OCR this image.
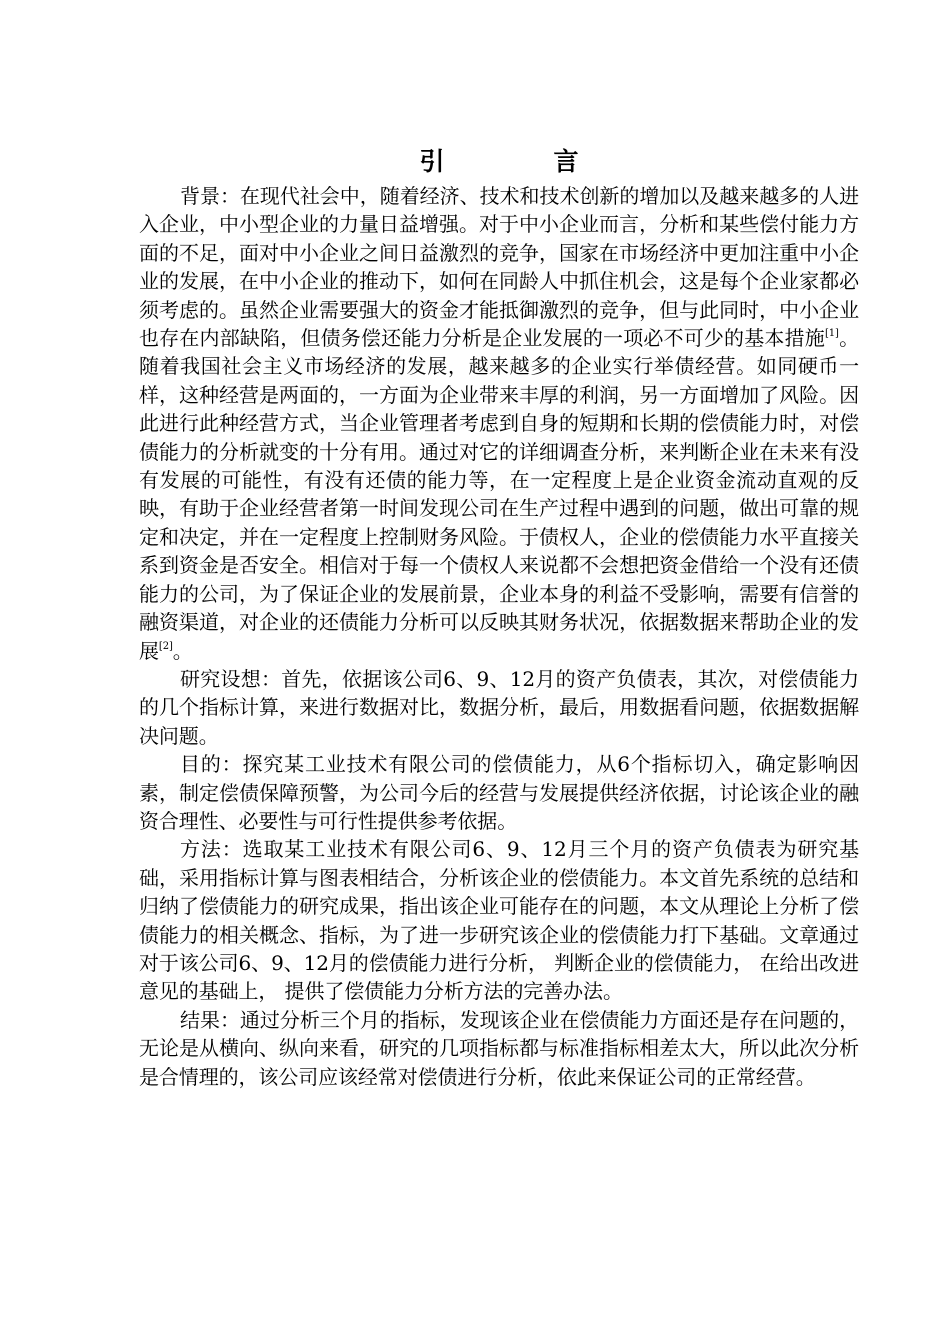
引　言

背景：在现代社会中，随着经济、技术和技术创新的增加以及越来越多的人进入企业，中小型企业的力量日益增强。对于中小企业而言，分析和某些偿付能力方面的不足，面对中小企业之间日益激烈的竞争，国家在市场经济中更加注重中小企业的发展，在中小企业的推动下，如何在同龄人中抓住机会，这是每个企业家都必须考虑的。虽然企业需要强大的资金才能抵御激烈的竞争，但与此同时，中小企业也存在内部缺陷，但债务偿还能力分析是企业发展的一项必不可少的基本措施[1]。随着我国社会主义市场经济的发展，越来越多的企业实行举债经营。如同硬币一样，这种经营是两面的，一方面为企业带来丰厚的利润，另一方面增加了风险。因此进行此种经营方式，当企业管理者考虑到自身的短期和长期的偿债能力时，对偿债能力的分析就变的十分有用。通过对它的详细调查分析，来判断企业在未来有没有发展的可能性，有没有还债的能力等，在一定程度上是企业资金流动直观的反映，有助于企业经营者第一时间发现公司在生产过程中遇到的问题，做出可靠的规定和决定，并在一定程度上控制财务风险。于债权人，企业的偿债能力水平直接关系到资金是否安全。相信对于每一个债权人来说都不会想把资金借给一个没有还债能力的公司，为了保证企业的发展前景，企业本身的利益不受影响，需要有信誉的融资渠道，对企业的还债能力分析可以反映其财务状况，依据数据来帮助企业的发展[2]。

研究设想：首先，依据该公司6、9、12月的资产负债表，其次，对偿债能力的几个指标计算，来进行数据对比，数据分析，最后，用数据看问题，依据数据解决问题。

目的：探究某工业技术有限公司的偿债能力，从6个指标切入，确定影响因素，制定偿债保障预警，为公司今后的经营与发展提供经济依据，讨论该企业的融资合理性、必要性与可行性提供参考依据。

方法：选取某工业技术有限公司6、9、12月三个月的资产负债表为研究基础，采用指标计算与图表相结合，分析该企业的偿债能力。本文首先系统的总结和归纳了偿债能力的研究成果，指出该企业可能存在的问题，本文从理论上分析了偿债能力的相关概念、指标，为了进一步研究该企业的偿债能力打下基础。文章通过对于该公司6、9、12月的偿债能力进行分析， 判断企业的偿债能力， 在给出改进意见的基础上， 提供了偿债能力分析方法的完善办法。

结果：通过分析三个月的指标，发现该企业在偿债能力方面还是存在问题的，无论是从横向、纵向来看，研究的几项指标都与标准指标相差太大，所以此次分析是合情理的，该公司应该经常对偿债进行分析，依此来保证公司的正常经营。
